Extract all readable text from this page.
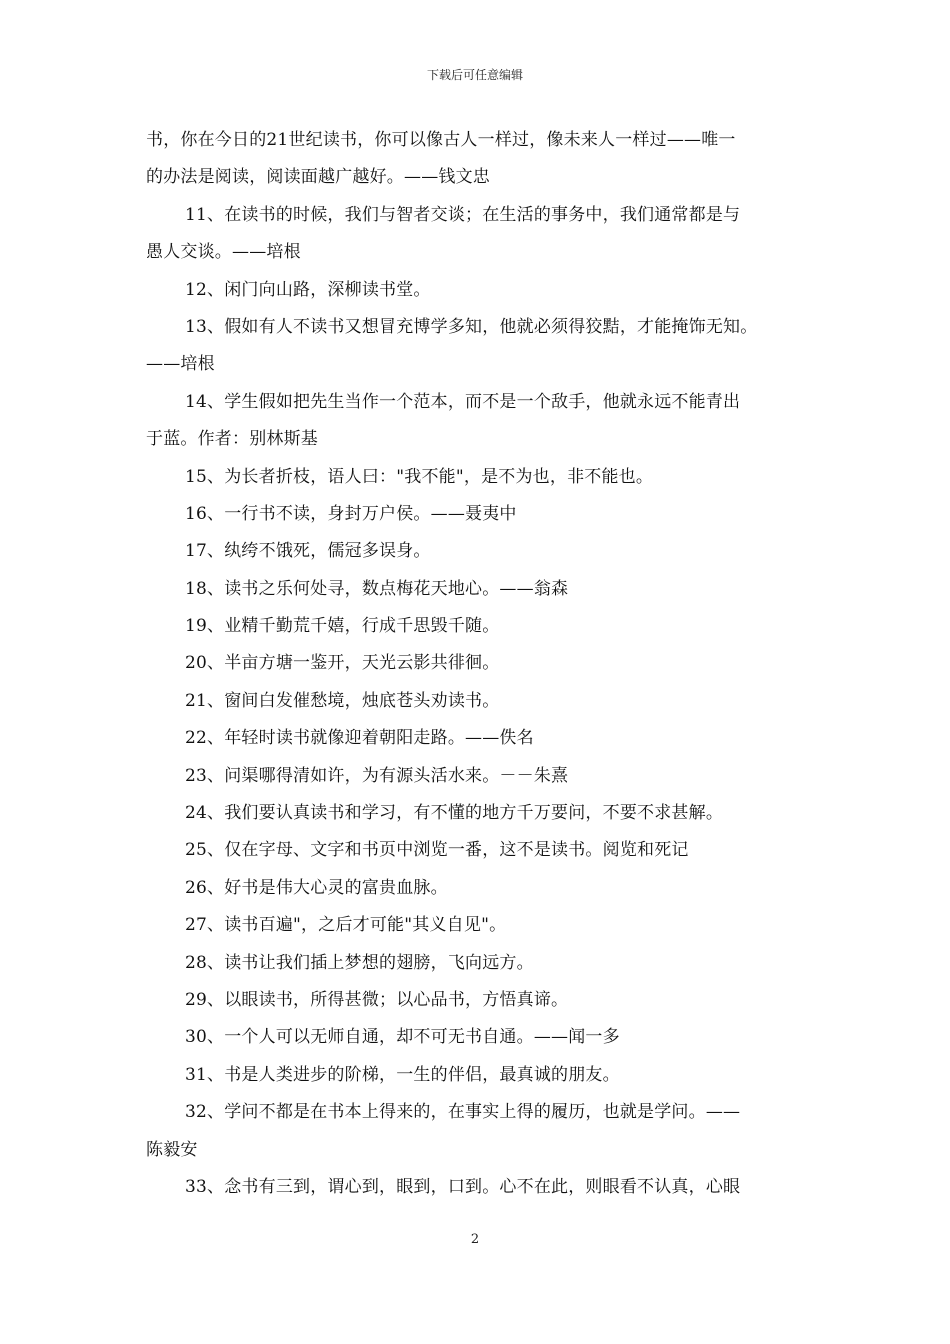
下载后可任意编辑
书，你在今日的21世纪读书，你可以像古人一样过，像未来人一样过——唯一
的办法是阅读，阅读面越广越好。——钱文忠
11、在读书的时候，我们与智者交谈；在生活的事务中，我们通常都是与
愚人交谈。——培根
12、闲门向山路，深柳读书堂。
13、假如有人不读书又想冒充博学多知，他就必须得狡黠，才能掩饰无知。
——培根
14、学生假如把先生当作一个范本，而不是一个敌手，他就永远不能青出
于蓝。作者：别林斯基
15、为长者折枝，语人曰："我不能"，是不为也，非不能也。
16、一行书不读，身封万户侯。——聂夷中
17、纨绔不饿死，儒冠多误身。
18、读书之乐何处寻，数点梅花天地心。——翁森
19、业精千勤荒千嬉，行成千思毁千随。
20、半亩方塘一鉴开，天光云影共徘徊。
21、窗间白发催愁境，烛底苍头劝读书。
22、年轻时读书就像迎着朝阳走路。——佚名
23、问渠哪得清如许，为有源头活水来。－－朱熹
24、我们要认真读书和学习，有不懂的地方千万要问，不要不求甚解。
25、仅在字母、文字和书页中浏览一番，这不是读书。阅览和死记
26、好书是伟大心灵的富贵血脉。
27、读书百遍"，之后才可能"其义自见"。
28、读书让我们插上梦想的翅膀，飞向远方。
29、以眼读书，所得甚微；以心品书，方悟真谛。
30、一个人可以无师自通，却不可无书自通。——闻一多
31、书是人类进步的阶梯，一生的伴侣，最真诚的朋友。
32、学问不都是在书本上得来的，在事实上得的履历，也就是学问。——
陈毅安
33、念书有三到，谓心到，眼到，口到。心不在此，则眼看不认真，心眼
2
